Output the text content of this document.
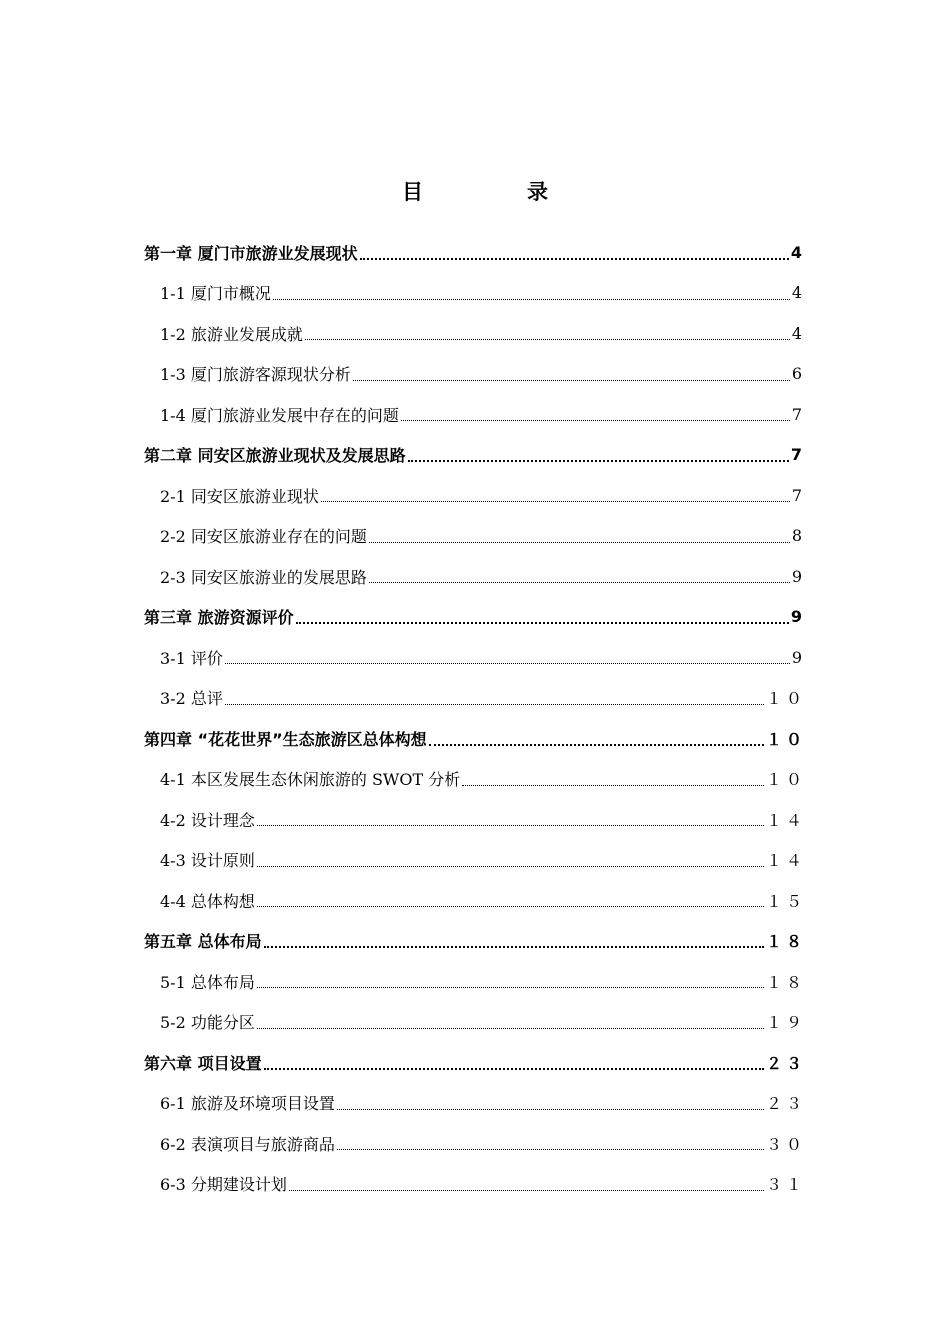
目	录
第一章 厦门市旅游业发展现状	4
1-1 厦门市概况	4
1-2 旅游业发展成就	4
1-3 厦门旅游客源现状分析	6
1-4 厦门旅游业发展中存在的问题	7
第二章 同安区旅游业现状及发展思路	7
2-1 同安区旅游业现状	7
2-2 同安区旅游业存在的问题	8
2-3 同安区旅游业的发展思路	9
第三章 旅游资源评价	9
3-1 评价	9
3-2 总评	１０
第四章 “花花世界”生态旅游区总体构想	１０
4-1 本区发展生态休闲旅游的 SWOT 分析	１０
4-2 设计理念	１４
4-3 设计原则	１４
4-4 总体构想	１５
第五章 总体布局	１８
5-1 总体布局	１８
5-2 功能分区	１９
第六章 项目设置	２３
6-1 旅游及环境项目设置	２３
6-2 表演项目与旅游商品	３０
6-3 分期建设计划	３１
